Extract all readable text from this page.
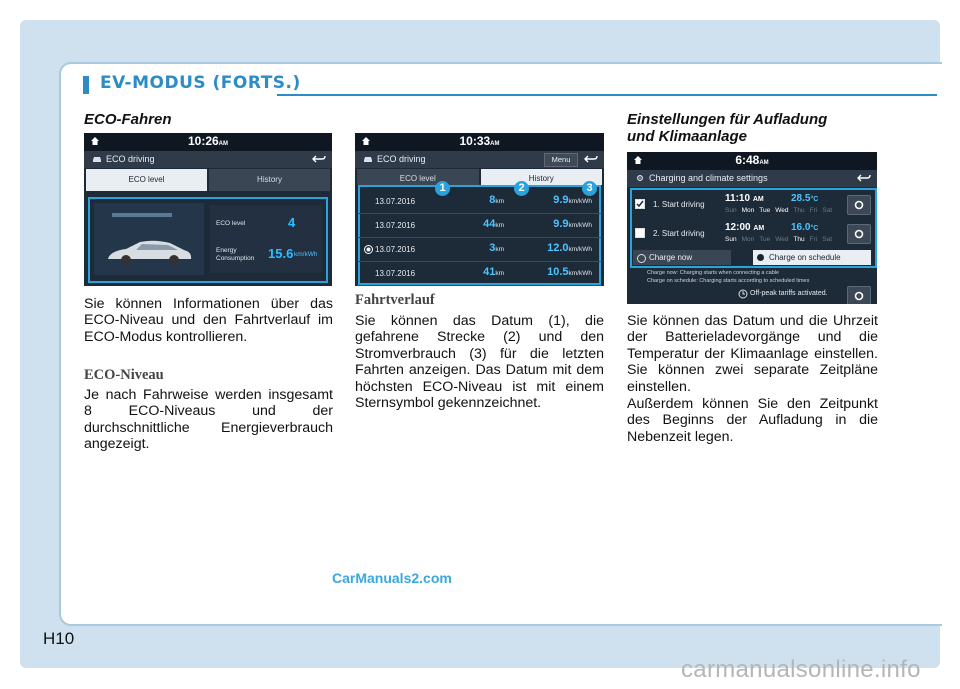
EV-MODUS (FORTS.)
ECO-Fahren
10:26AM
ECO driving
ECO level	History
ECO level	4
Energy
Consumption 15.6 km/kWh
Sie können Informationen über das ECO-Niveau und den Fahrtverlauf im ECO-Modus kontrollieren.
ECO-Niveau
Je nach Fahrweise werden insgesamt 8 ECO-Niveaus und der durchschnittliche Energieverbrauch angezeigt.
10:33AM
ECO driving	Menu
ECO level	History
1	2	3
13.07.2016	8km	9.9km/kWh
13.07.2016	44km	9.9km/kWh
13.07.2016	3km	12.0km/kWh
13.07.2016	41km	10.5km/kWh
Fahrtverlauf
Sie können das Datum (1), die gefahrene Strecke (2) und den Stromverbrauch (3) für die letzten Fahrten anzeigen. Das Datum mit dem höchsten ECO-Niveau ist mit einem Sternsymbol gekennzeichnet.
Einstellungen für Aufladung
und Klimaanlage
6:48AM
Charging and climate settings
1. Start driving
11:10 AM	28.5°C
Sun Mon Tue Wed Thu Fri Sat
2. Start driving
12:00 AM	16.0°C
Sun Mon Tue Wed Thu Fri Sat
Charge now	Charge on schedule
Charge now: Charging starts when connecting a cable
Charge on schedule: Charging starts according to scheduled times
Off-peak tariffs activated.
Sie können das Datum und die Uhrzeit der Batterieladevorgänge und die Temperatur der Klimaanlage einstellen. Sie können zwei separate Zeitpläne einstellen.
Außerdem können Sie den Zeitpunkt des Beginns der Aufladung in die Nebenzeit legen.
CarManuals2.com
H10
carmanualsonline.info
